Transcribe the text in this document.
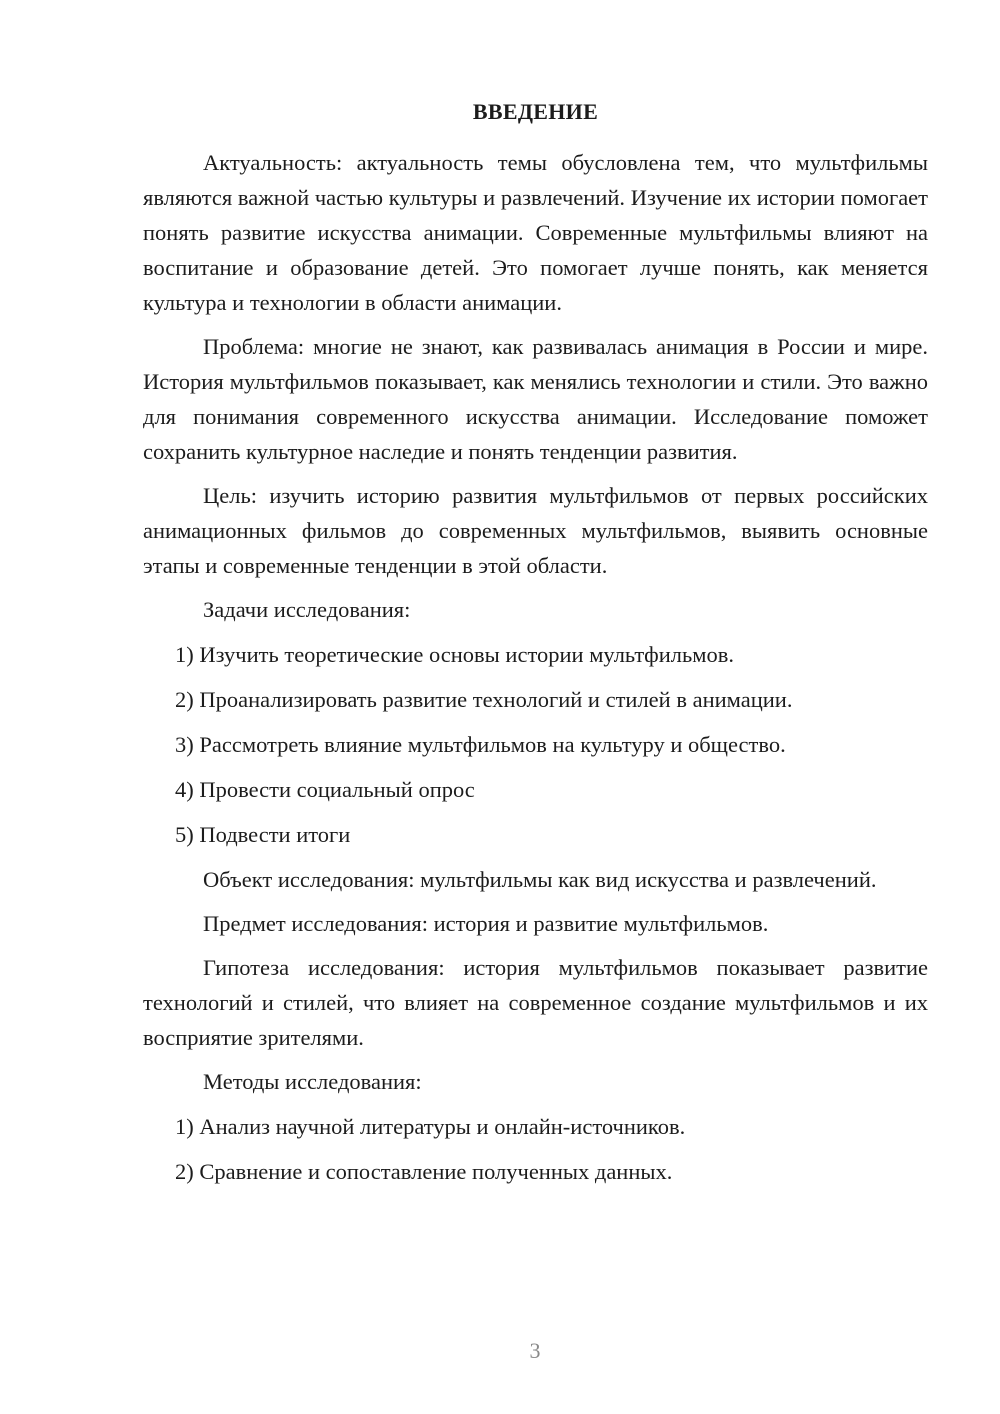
ВВЕДЕНИЕ

Актуальность: актуальность темы обусловлена тем, что мультфильмы являются важной частью культуры и развлечений. Изучение их истории помогает понять развитие искусства анимации. Современные мультфильмы влияют на воспитание и образование детей. Это помогает лучше понять, как меняется культура и технологии в области анимации.

Проблема: многие не знают, как развивалась анимация в России и мире. История мультфильмов показывает, как менялись технологии и стили. Это важно для понимания современного искусства анимации. Исследование поможет сохранить культурное наследие и понять тенденции развития.

Цель: изучить историю развития мультфильмов от первых российских анимационных фильмов до современных мультфильмов, выявить основные этапы и современные тенденции в этой области.

Задачи исследования:

1) Изучить теоретические основы истории мультфильмов.
2) Проанализировать развитие технологий и стилей в анимации.
3) Рассмотреть влияние мультфильмов на культуру и общество.
4) Провести социальный опрос
5) Подвести итоги

Объект исследования: мультфильмы как вид искусства и развлечений.

Предмет исследования: история и развитие мультфильмов.

Гипотеза исследования: история мультфильмов показывает развитие технологий и стилей, что влияет на современное создание мультфильмов и их восприятие зрителями.

Методы исследования:

1) Анализ научной литературы и онлайн-источников.
2) Сравнение и сопоставление полученных данных.
3
